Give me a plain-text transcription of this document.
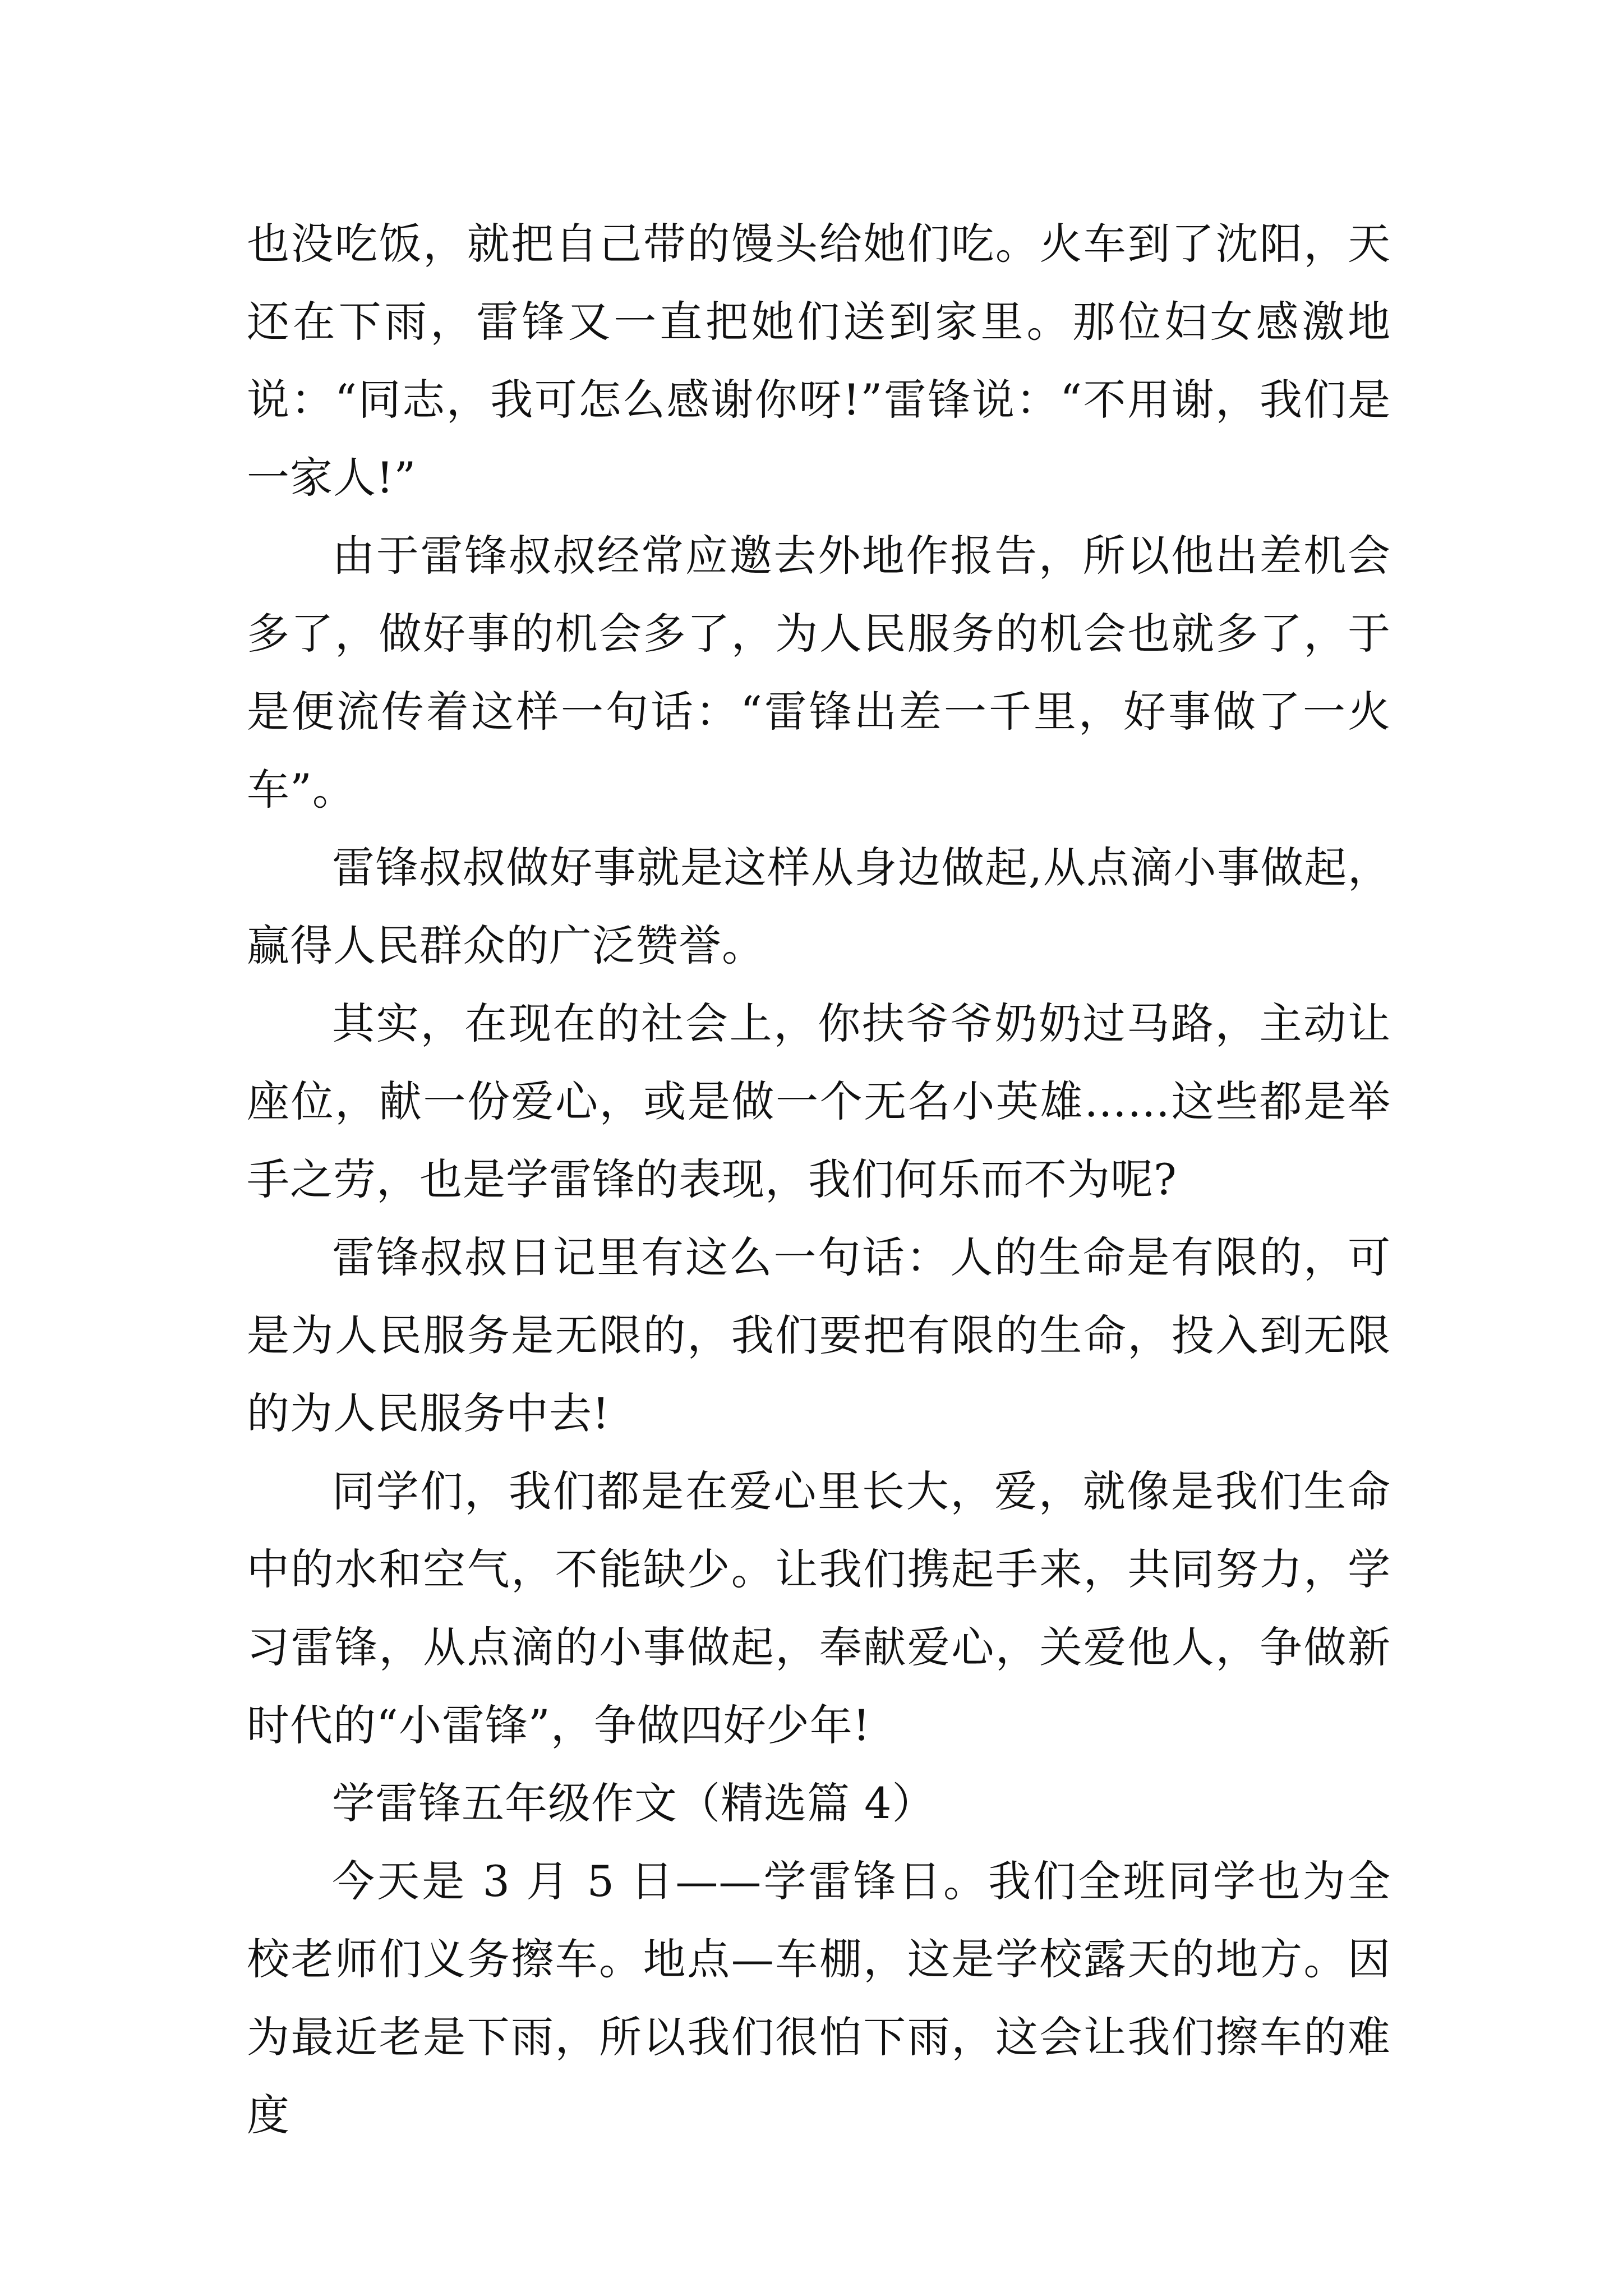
也没吃饭，就把自己带的馒头给她们吃。火车到了沈阳，天还在下雨，雷锋又一直把她们送到家里。那位妇女感激地说：“同志，我可怎么感谢你呀!”雷锋说：“不用谢，我们是一家人!”

由于雷锋叔叔经常应邀去外地作报告，所以他出差机会多了，做好事的机会多了，为人民服务的机会也就多了，于是便流传着这样一句话：“雷锋出差一千里，好事做了一火车”。

雷锋叔叔做好事就是这样从身边做起,从点滴小事做起，赢得人民群众的广泛赞誉。

其实，在现在的社会上，你扶爷爷奶奶过马路，主动让座位，献一份爱心，或是做一个无名小英雄……这些都是举手之劳，也是学雷锋的表现，我们何乐而不为呢?

雷锋叔叔日记里有这么一句话：人的生命是有限的，可是为人民服务是无限的，我们要把有限的生命，投入到无限的为人民服务中去!

同学们，我们都是在爱心里长大，爱，就像是我们生命中的水和空气，不能缺少。让我们携起手来，共同努力，学习雷锋，从点滴的小事做起，奉献爱心，关爱他人，争做新时代的“小雷锋”，争做四好少年!

学雷锋五年级作文（精选篇 4）

今天是 3 月 5 日——学雷锋日。我们全班同学也为全校老师们义务擦车。地点—车棚，这是学校露天的地方。因为最近老是下雨，所以我们很怕下雨，这会让我们擦车的难度
